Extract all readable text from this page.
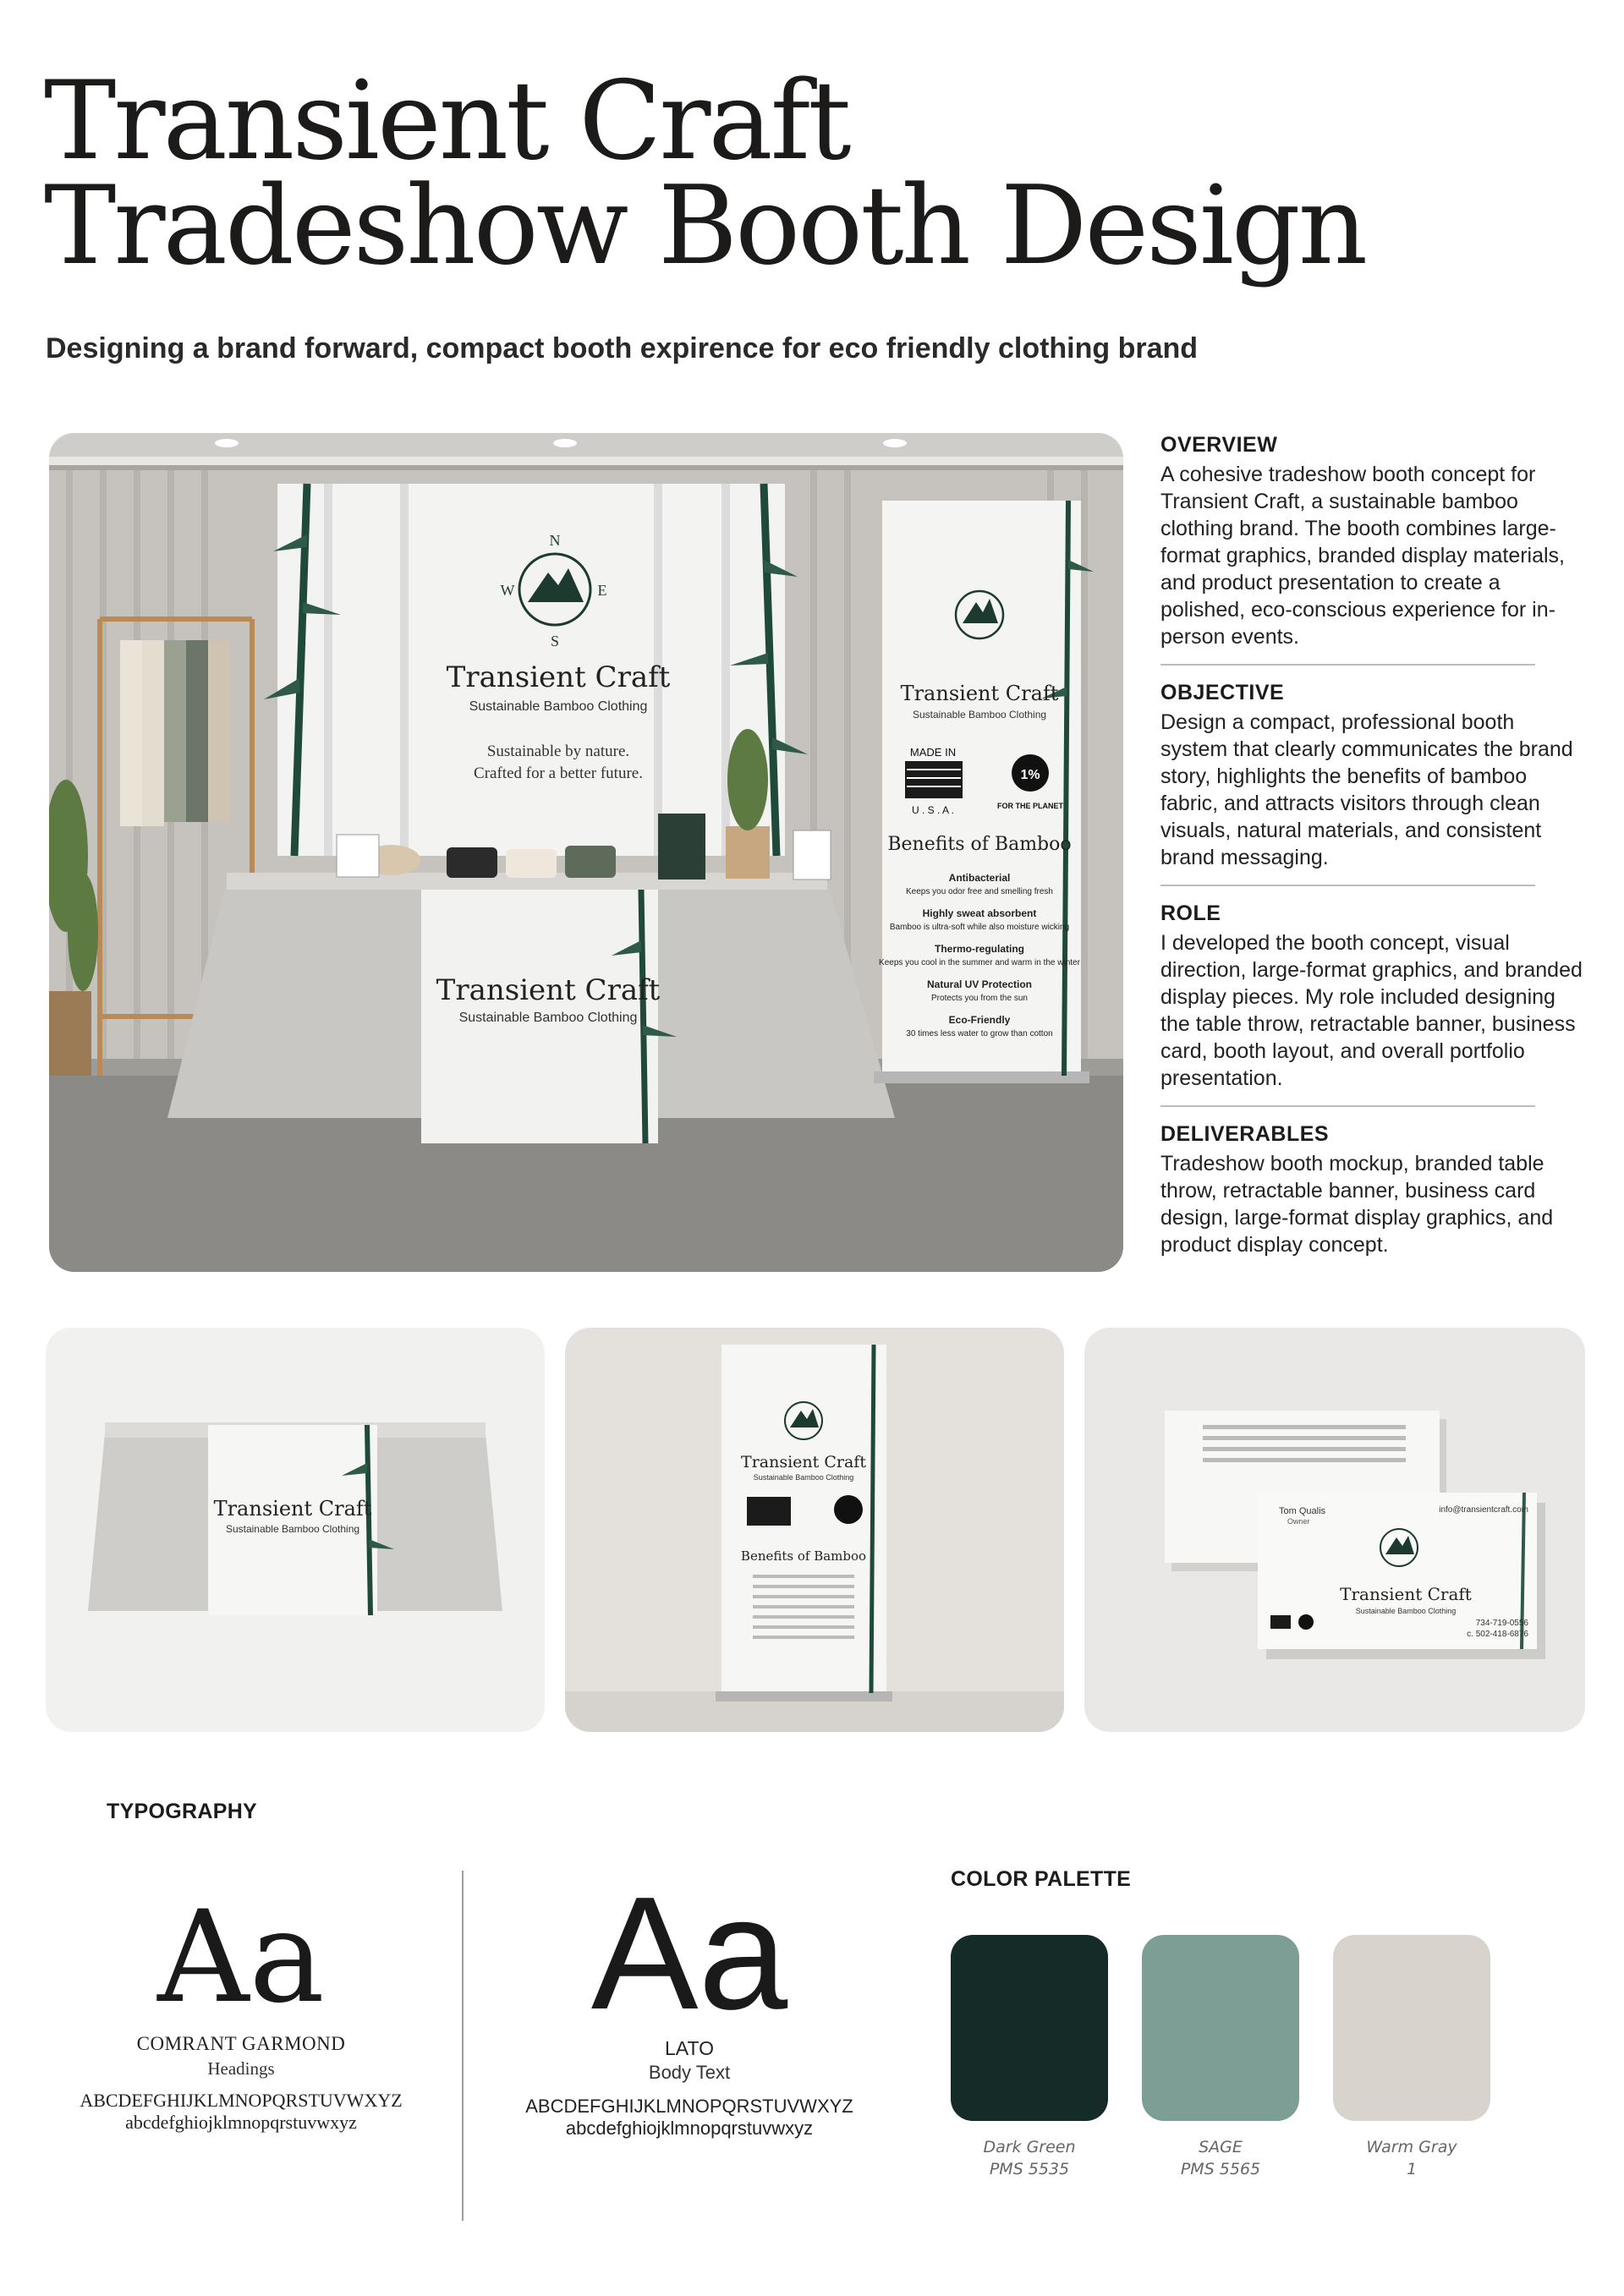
Transient Craft
Tradeshow Booth Design
Designing a brand forward, compact booth expirence for eco friendly clothing brand
N
S
E
W
Transient Craft
Sustainable Bamboo Clothing
Sustainable by nature.
Crafted for a better future.
Transient Craft
Sustainable Bamboo Clothing
Transient Craft
Sustainable Bamboo Clothing
MADE IN
U . S . A .
1%
FOR THE PLANET
Benefits of Bamboo
Antibacterial
Keeps you odor free and smelling fresh
Highly sweat absorbent
Bamboo is ultra-soft while also moisture wicking
Thermo-regulating
Keeps you cool in the summer and warm in the winter
Natural UV Protection
Protects you from the sun
Eco-Friendly
30 times less water to grow than cotton
OVERVIEW
A cohesive tradeshow booth concept for Transient Craft, a sustainable bamboo clothing brand. The booth combines large-format graphics, branded display materials, and product presentation to create a polished, eco-conscious experience for in-person events.
OBJECTIVE
Design a compact, professional booth system that clearly communicates the brand story, highlights the benefits of bamboo fabric, and attracts visitors through clean visuals, natural materials, and consistent brand messaging.
ROLE
I developed the booth concept, visual direction, large-format graphics, and branded display pieces. My role included designing the table throw, retractable banner, business card, booth layout, and overall portfolio presentation.
DELIVERABLES
Tradeshow booth mockup, branded table throw, retractable banner, business card design, large-format display graphics, and product display concept.
Transient Craft
Sustainable Bamboo Clothing
Transient Craft
Sustainable Bamboo Clothing
Benefits of Bamboo
Tom Qualis
Owner
info@transientcraft.com
Transient Craft
Sustainable Bamboo Clothing
734-719-0556
c. 502-418-6876
TYPOGRAPHY
Aa
COMRANT GARMOND
Headings
ABCDEFGHIJKLMNOPQRSTUVWXYZ
abcdefghiojklmnopqrstuvwxyz
Aa
LATO
Body Text
ABCDEFGHIJKLMNOPQRSTUVWXYZ
abcdefghiojklmnopqrstuvwxyz
COLOR PALETTE
Dark Green
PMS 5535
SAGE
PMS 5565
Warm Gray
1
